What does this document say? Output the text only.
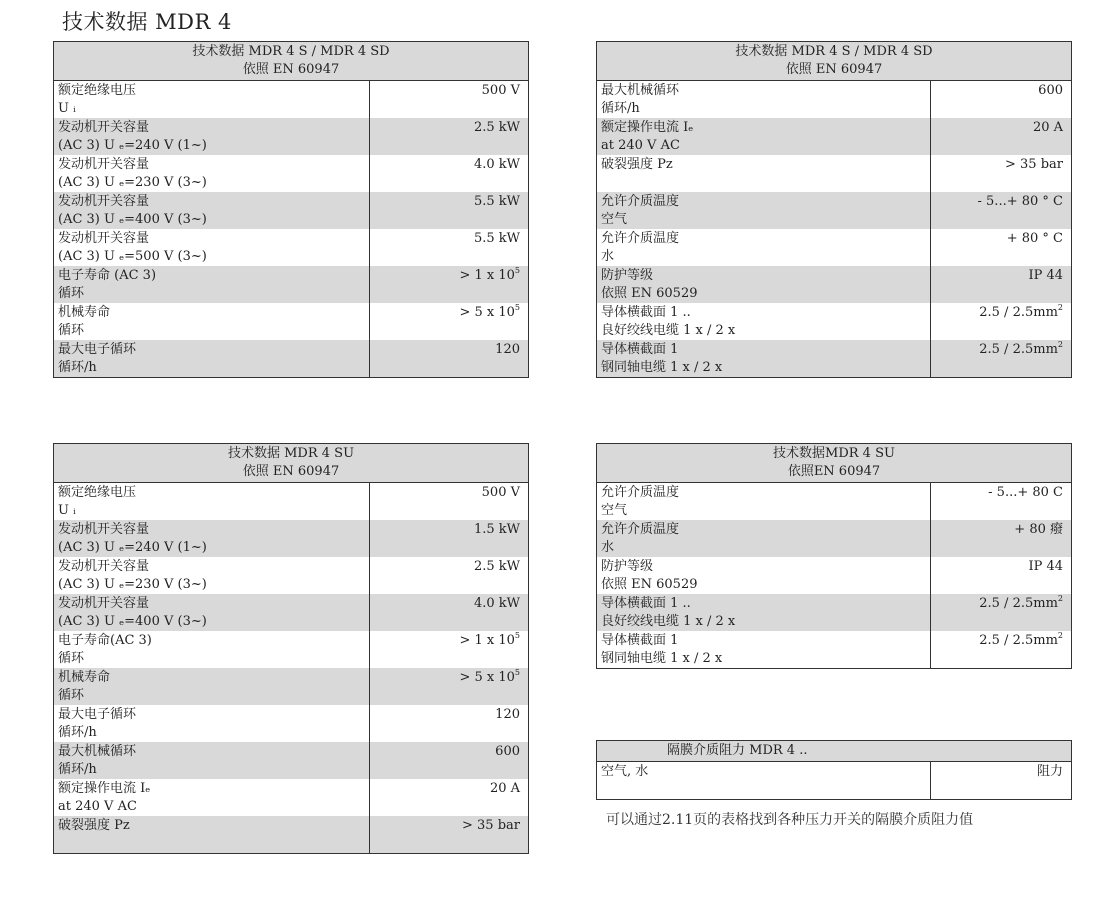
技术数据 MDR 4
技术数据 MDR 4 S / MDR 4 SD
依照 EN 60947	

额定绝缘电压
U ᵢ	500 V

发动机开关容量
(AC 3) U ₑ=240 V (1~)	2.5 kW

发动机开关容量
(AC 3) U ₑ=230 V (3~)	4.0 kW

发动机开关容量
(AC 3) U ₑ=400 V (3~)	5.5 kW

发动机开关容量
(AC 3) U ₑ=500 V (3~)	5.5 kW

电子寿命 (AC 3)
循环	> 1 x $10^5$

机械寿命
循环	> 5 x $10^5$

最大电子循环
循环/h	120
技术数据 MDR 4 S / MDR 4 SD
依照 EN 60947	

最大机械循环
循环/h	600

额定操作电流 Iₑ
at 240 V AC	20 A

破裂强度 Pz	> 35 bar

允许介质温度
空气	- 5...+ 80 ° C

允许介质温度
水	+ 80 ° C

防护等级
依照 EN 60529	IP 44

导体横截面 1 ..
良好绞线电缆 1 x / 2 x	$2.5 / 2.5mm^2$

导体横截面 1
钢同轴电缆 1 x / 2 x	$2.5 / 2.5mm^2$
技术数据 MDR 4 SU
依照 EN 60947	

额定绝缘电压
U ᵢ	500 V

发动机开关容量
(AC 3) U ₑ=240 V (1~)	1.5 kW

发动机开关容量
(AC 3) U ₑ=230 V (3~)	2.5 kW

发动机开关容量
(AC 3) U ₑ=400 V (3~)	4.0 kW

电子寿命(AC 3)
循环	> 1 x $10^5$

机械寿命
循环	> 5 x $10^5$

最大电子循环
循环/h	120

最大机械循环
循环/h	600

额定操作电流 Iₑ
at 240 V AC	20 A

破裂强度 Pz	> 35 bar
技术数据MDR 4 SU
依照EN 60947	

允许介质温度
空气	- 5...+ 80 C

允许介质温度
水	+ 80 癈

防护等级
依照 EN 60529	IP 44

导体横截面 1 ..
良好绞线电缆 1 x / 2 x	$2.5 / 2.5mm^2$

导体横截面 1
钢同轴电缆 1 x / 2 x	$2.5 / 2.5mm^2$
隔膜介质阻力 MDR 4 ..

空气, 水	阻力
可以通过2.11页的表格找到各种压力开关的隔膜介质阻力值
